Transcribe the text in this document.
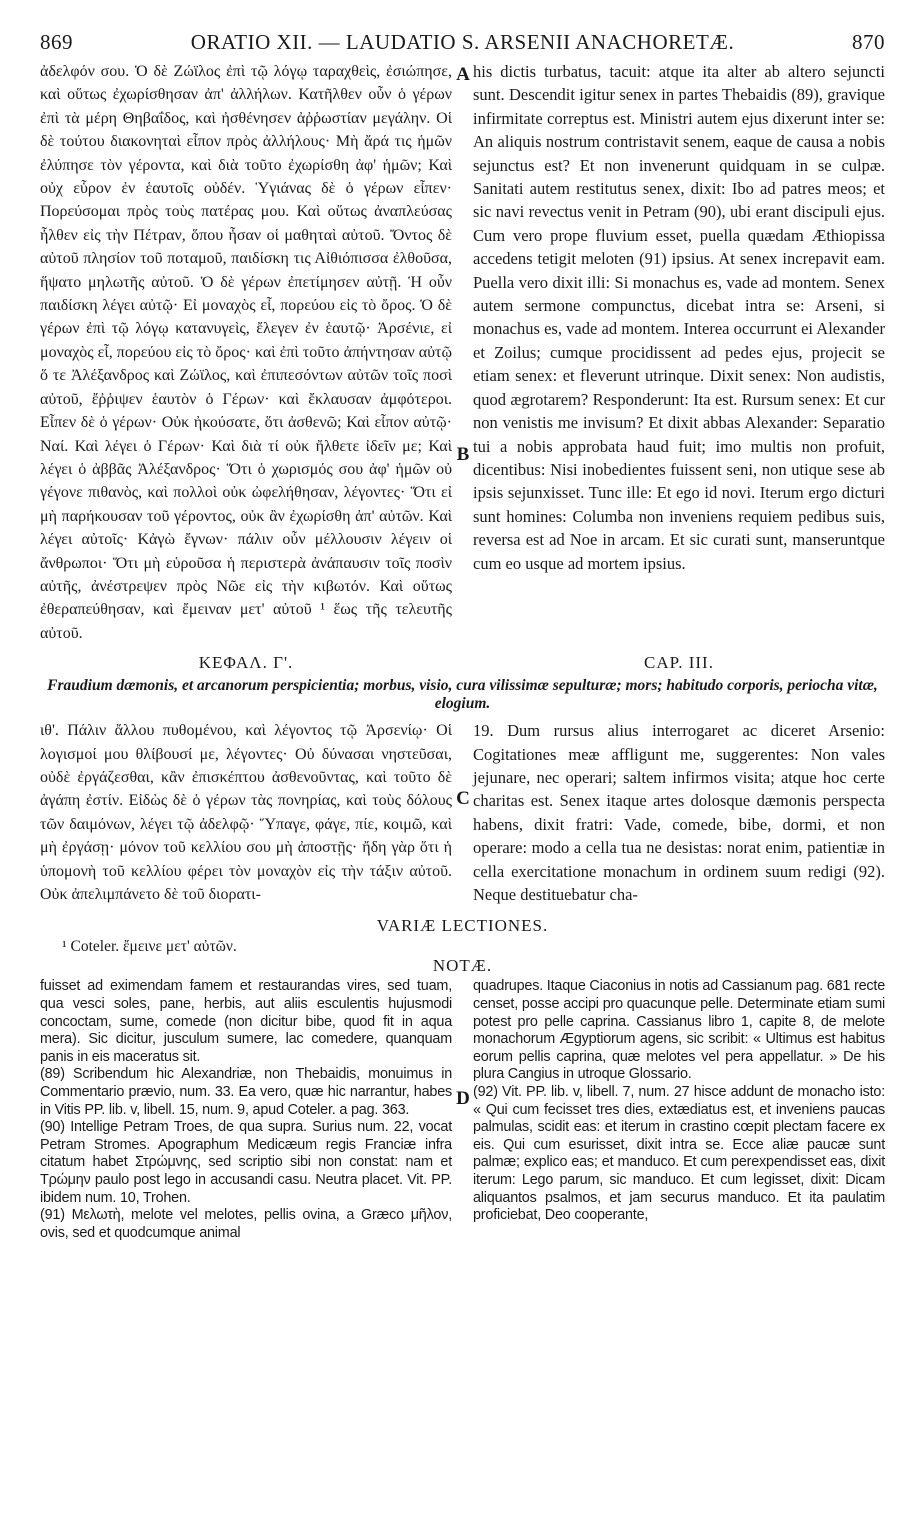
869	ORATIO XII. — LAUDATIO S. ARSENII ANACHORETÆ.	870

ἀδελφόν σου. Ὁ δὲ Ζώϊλος ἐπὶ τῷ λόγῳ ταραχθεὶς, ἐσιώπησε, καὶ οὕτως ἐχωρίσθησαν ἀπ' ἀλλήλων. Κατῆλθεν οὖν ὁ γέρων ἐπὶ τὰ μέρη Θηβαΐδος, καὶ ἠσθένησεν ἀῤῥωστίαν μεγάλην. Οἱ δὲ τούτου διακονηταὶ εἶπον πρὸς ἀλλήλους· Μὴ ἄρά τις ἡμῶν ἐλύπησε τὸν γέροντα, καὶ διὰ τοῦτο ἐχωρίσθη ἀφ' ἡμῶν; Καὶ οὐχ εὗρον ἐν ἑαυτοῖς οὐδέν. Ὑγιάνας δὲ ὁ γέρων εἶπεν· Πορεύσομαι πρὸς τοὺς πατέρας μου. Καὶ οὕτως ἀναπλεύσας ἦλθεν εἰς τὴν Πέτραν, ὅπου ἦσαν οἱ μαθηταὶ αὐτοῦ. Ὄντος δὲ αὐτοῦ πλησίον τοῦ ποταμοῦ, παιδίσκη τις Αἰθιόπισσα ἐλθοῦσα, ἥψατο μηλωτῆς αὐτοῦ. Ὁ δὲ γέρων ἐπετίμησεν αὐτῇ. Ἡ οὖν παιδίσκη λέγει αὐτῷ· Εἰ μοναχὸς εἶ, πορεύου εἰς τὸ ὄρος. Ὁ δὲ γέρων ἐπὶ τῷ λόγῳ κατανυγεὶς, ἔλεγεν ἐν ἑαυτῷ· Ἀρσένιε, εἰ μοναχὸς εἶ, πορεύου εἰς τὸ ὄρος· καὶ ἐπὶ τοῦτο ἀπήντησαν αὐτῷ ὅ τε Ἀλέξανδρος καὶ Ζώϊλος, καὶ ἐπιπεσόντων αὐτῶν τοῖς ποσὶ αὐτοῦ, ἔῤῥιψεν ἑαυτὸν ὁ Γέρων· καὶ ἔκλαυσαν ἀμφότεροι. Εἶπεν δὲ ὁ γέρων· Οὐκ ἠκούσατε, ὅτι ἀσθενῶ; Καὶ εἶπον αὐτῷ· Ναί. Καὶ λέγει ὁ Γέρων· Καὶ διὰ τί οὐκ ἤλθετε ἰδεῖν με; Καὶ λέγει ὁ ἀββᾶς Ἀλέξανδρος· Ὅτι ὁ χωρισμός σου ἀφ' ἡμῶν οὐ γέγονε πιθανὸς, καὶ πολλοὶ οὐκ ὠφελήθησαν, λέγοντες· Ὅτι εἰ μὴ παρήκουσαν τοῦ γέροντος, οὐκ ἂν ἐχωρίσθη ἀπ' αὐτῶν. Καὶ λέγει αὐτοῖς· Κἀγὼ ἔγνων· πάλιν οὖν μέλλουσιν λέγειν οἱ ἄνθρωποι· Ὅτι μὴ εὑροῦσα ἡ περιστερὰ ἀνάπαυσιν τοῖς ποσὶν αὐτῆς, ἀνέστρεψεν πρὸς Νῶε εἰς τὴν κιβωτόν. Καὶ οὕτως ἐθεραπεύθησαν, καὶ ἔμειναν μετ' αὐτοῦ ¹ ἕως τῆς τελευτῆς αὐτοῦ.

his dictis turbatus, tacuit: atque ita alter ab altero sejuncti sunt. Descendit igitur senex in partes Thebaidis (89), gravique infirmitate correptus est. Ministri autem ejus dixerunt inter se: An aliquis nostrum contristavit senem, eaque de causa a nobis sejunctus est? Et non invenerunt quidquam in se culpæ. Sanitati autem restitutus senex, dixit: Ibo ad patres meos; et sic navi revectus venit in Petram (90), ubi erant discipuli ejus. Cum vero prope fluvium esset, puella quædam Æthiopissa accedens tetigit meloten (91) ipsius. At senex increpavit eam. Puella vero dixit illi: Si monachus es, vade ad montem. Senex autem sermone compunctus, dicebat intra se: Arseni, si monachus es, vade ad montem. Interea occurrunt ei Alexander et Zoilus; cumque procidissent ad pedes ejus, projecit se etiam senex: et fleverunt utrinque. Dixit senex: Non audistis, quod ægrotarem? Responderunt: Ita est. Rursum senex: Et cur non venistis me invisum? Et dixit abbas Alexander: Separatio tui a nobis approbata haud fuit; imo multis non profuit, dicentibus: Nisi inobedientes fuissent seni, non utique sese ab ipsis sejunxisset. Tunc ille: Et ego id novi. Iterum ergo dicturi sunt homines: Columba non inveniens requiem pedibus suis, reversa est ad Noe in arcam. Et sic curati sunt, manseruntque cum eo usque ad mortem ipsius.

A
B
C
ΚΕΦΑΛ. Γ'.	CAP. III.
Fraudium dæmonis, et arcanorum perspicientia; morbus, visio, cura vilissimæ sepulturæ; mors; habitudo corporis, periocha vitæ, elogium.

ιθ'. Πάλιν ἄλλου πυθομένου, καὶ λέγοντος τῷ Ἀρσενίῳ· Οἱ λογισμοί μου θλίβουσί με, λέγοντες· Οὐ δύνασαι νηστεῦσαι, οὐδὲ ἐργάζεσθαι, κἂν ἐπισκέπτου ἀσθενοῦντας, καὶ τοῦτο δὲ ἀγάπη ἐστίν. Εἰδὼς δὲ ὁ γέρων τὰς πονηρίας, καὶ τοὺς δόλους τῶν δαιμόνων, λέγει τῷ ἀδελφῷ· Ὕπαγε, φάγε, πίε, κοιμῶ, καὶ μὴ ἐργάσῃ· μόνον τοῦ κελλίου σου μὴ ἀποστῇς· ἤδη γὰρ ὅτι ἡ ὑπομονὴ τοῦ κελλίου φέρει τὸν μοναχὸν εἰς τὴν τάξιν αὐτοῦ. Οὐκ ἀπελιμπάνετο δὲ τοῦ διορατι-

19. Dum rursus alius interrogaret ac diceret Arsenio: Cogitationes meæ affligunt me, suggerentes: Non vales jejunare, nec operari; saltem infirmos visita; atque hoc certe charitas est. Senex itaque artes dolosque dæmonis perspecta habens, dixit fratri: Vade, comede, bibe, dormi, et non operare: modo a cella tua ne desistas: norat enim, patientiæ in cella exercitatione monachum in ordinem suum redigi (92). Neque destituebatur cha-

VARIÆ LECTIONES.
¹ Coteler. ἔμεινε μετ' αὐτῶν.
NOTÆ.

fuisset ad eximendam famem et restaurandas vires, sed tuam, qua vesci soles, pane, herbis, aut aliis esculentis hujusmodi concoctam, sume, comede (non dicitur bibe, quod fit in aqua mera). Sic dicitur, jusculum sumere, lac comedere, quanquam panis in eis maceratus sit.

(89) Scribendum hic Alexandriæ, non Thebaidis, monuimus in Commentario prævio, num. 33. Ea vero, quæ hic narrantur, habes in Vitis PP. lib. v, libell. 15, num. 9, apud Coteler. a pag. 363.

(90) Intellige Petram Troes, de qua supra. Surius num. 22, vocat Petram Stromes. Apographum Medicæum regis Franciæ infra citatum habet Στρώμνης, sed scriptio sibi non constat: nam et Τρώμην paulo post lego in accusandi casu. Neutra placet. Vit. PP. ibidem num. 10, Trohen.

(91) Μελωτὴ, melote vel melotes, pellis ovina, a Græco μῆλον, ovis, sed et quodcumque animal

quadrupes. Itaque Ciaconius in notis ad Cassianum pag. 681 recte censet, posse accipi pro quacunque pelle. Determinate etiam sumi potest pro pelle caprina. Cassianus libro 1, capite 8, de melote monachorum Ægyptiorum agens, sic scribit: « Ultimus est habitus eorum pellis caprina, quæ melotes vel pera appellatur. » De his plura Cangius in utroque Glossario.

(92) Vit. PP. lib. v, libell. 7, num. 27 hisce addunt de monacho isto: « Qui cum fecisset tres dies, extædiatus est, et inveniens paucas palmulas, scidit eas: et iterum in crastino cœpit plectam facere ex eis. Qui cum esurisset, dixit intra se. Ecce aliæ paucæ sunt palmæ; explico eas; et manduco. Et cum perexpendisset eas, dixit iterum: Lego parum, sic manduco. Et cum legisset, dixit: Dicam aliquantos psalmos, et jam securus manduco. Et ita paulatim proficiebat, Deo cooperante,

D
